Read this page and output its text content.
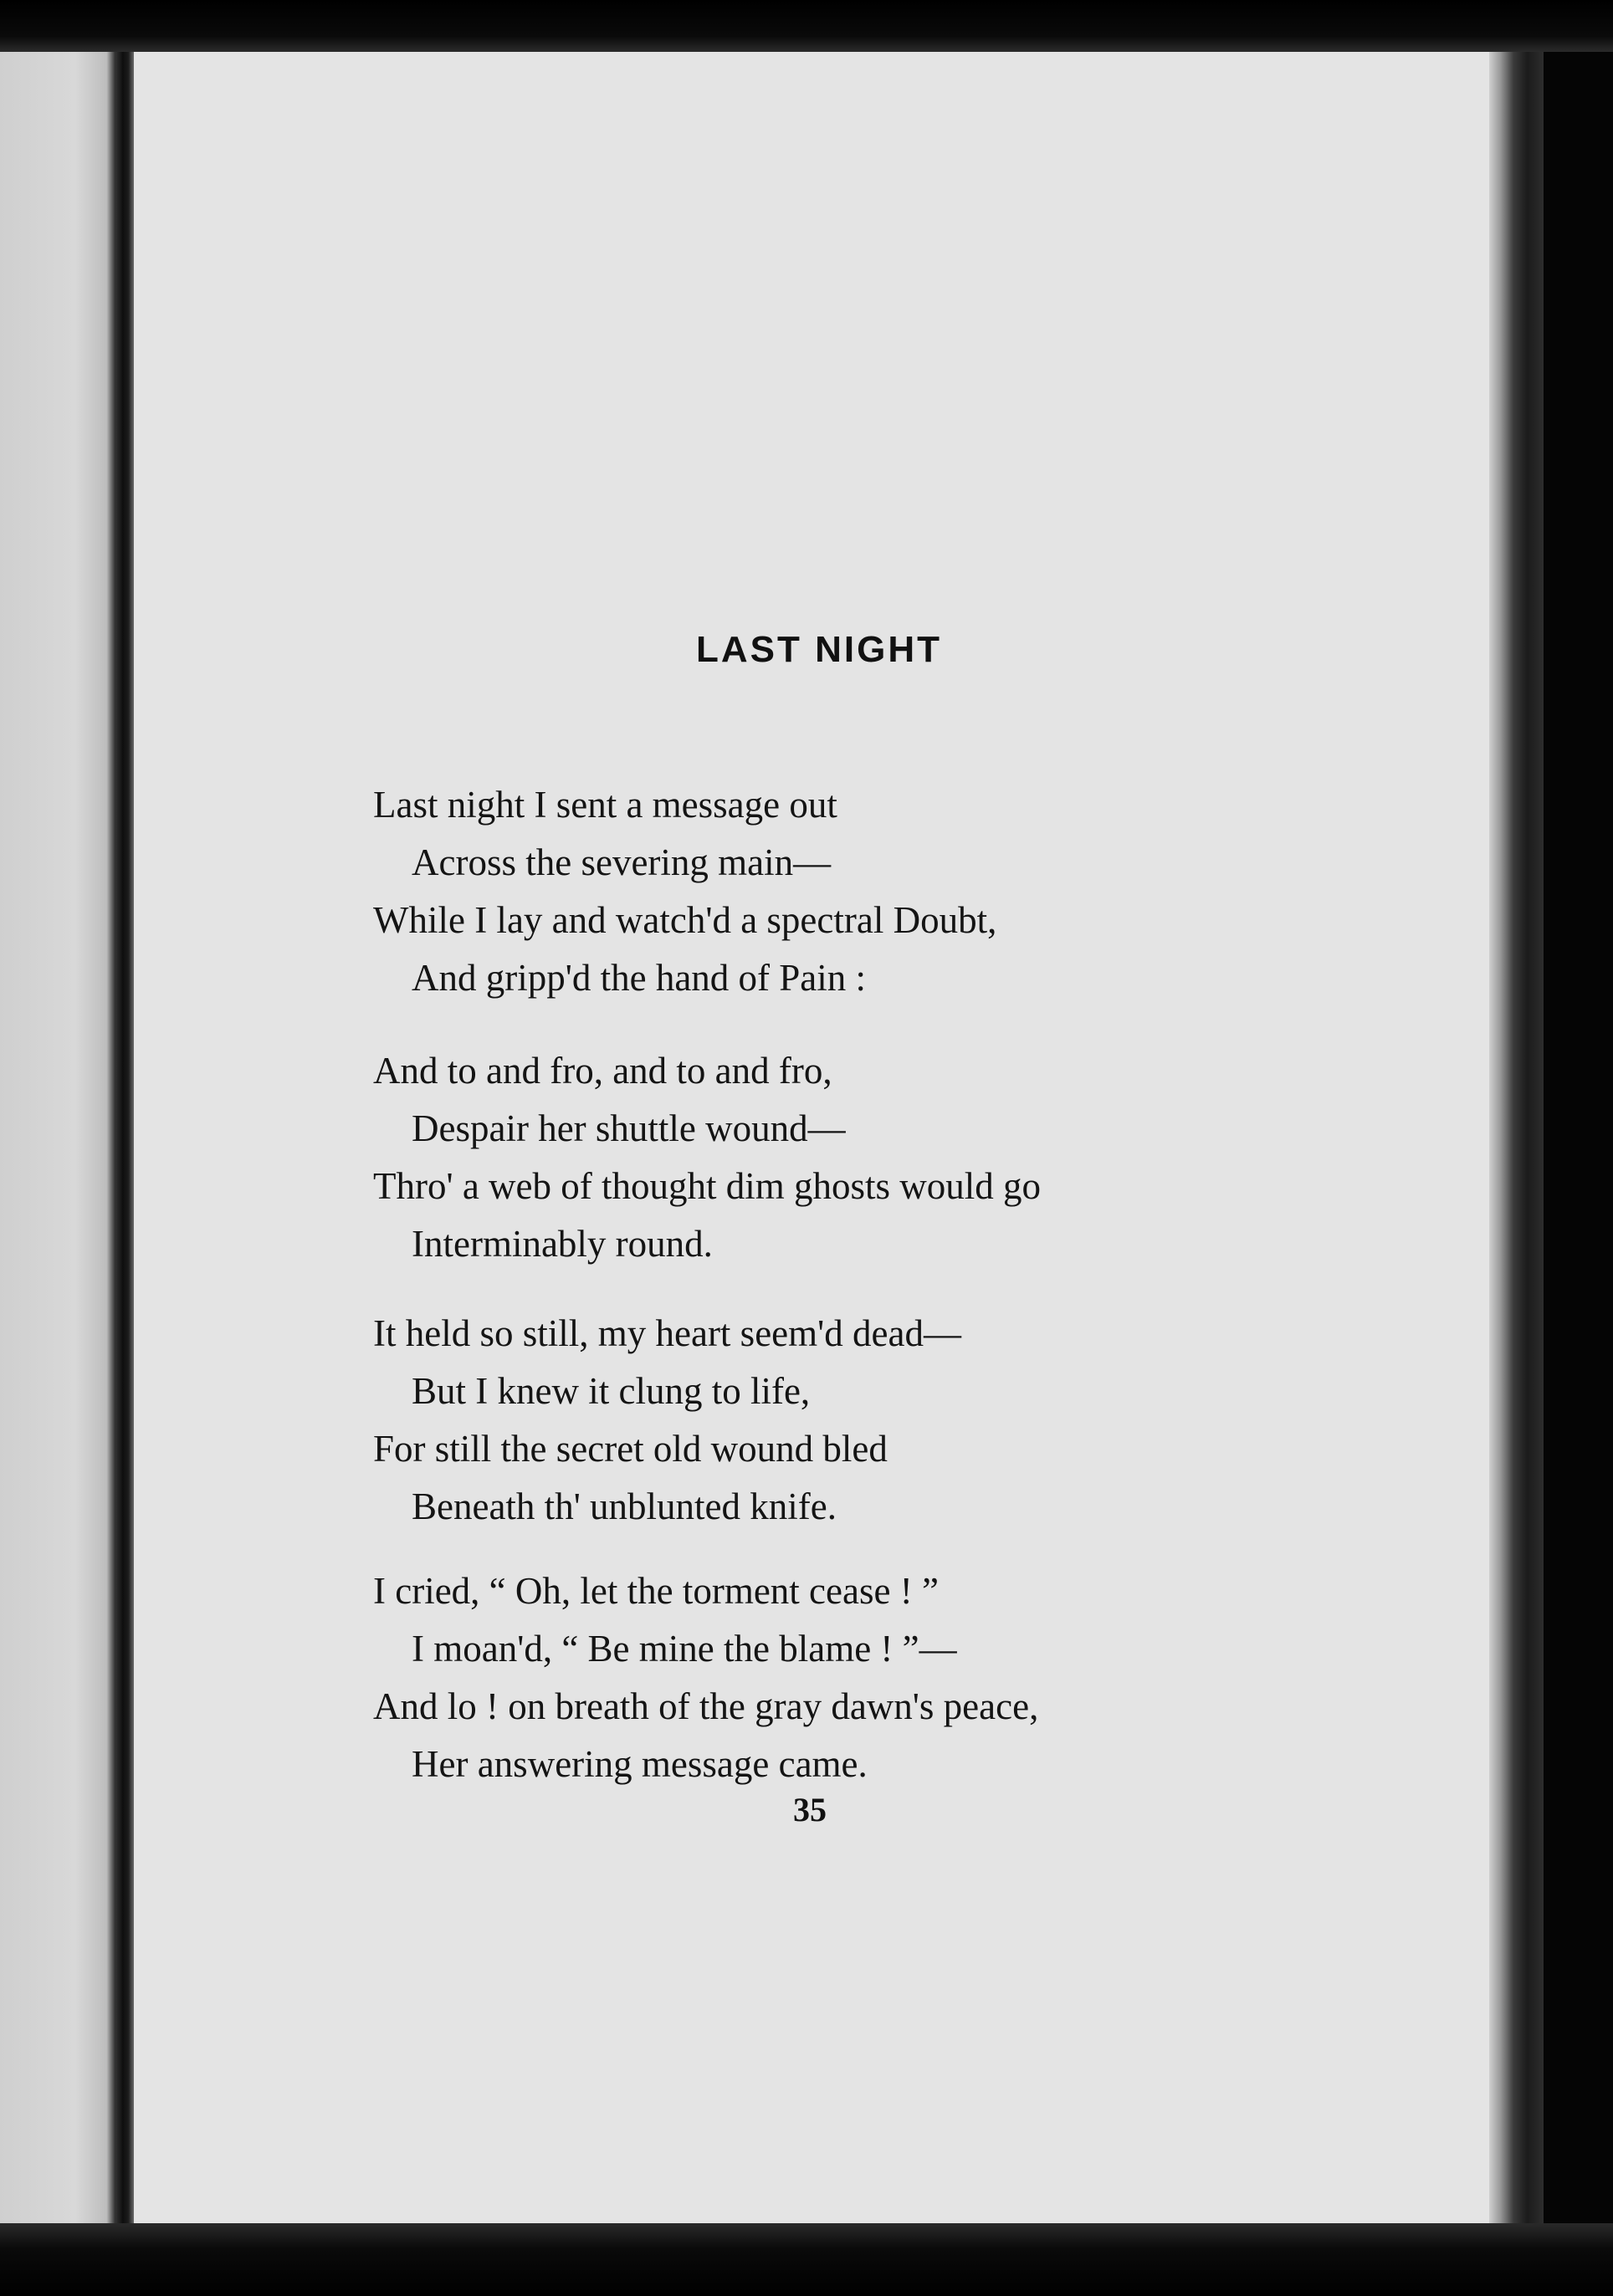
LAST NIGHT
Last night I sent a message out
Across the severing main—
While I lay and watch'd a spectral Doubt,
And gripp'd the hand of Pain :
And to and fro, and to and fro,
Despair her shuttle wound—
Thro' a web of thought dim ghosts would go
Interminably round.
It held so still, my heart seem'd dead—
But I knew it clung to life,
For still the secret old wound bled
Beneath th' unblunted knife.
I cried, “ Oh, let the torment cease ! ”
I moan'd, “ Be mine the blame ! ”—
And lo ! on breath of the gray dawn's peace,
Her answering message came.
35
